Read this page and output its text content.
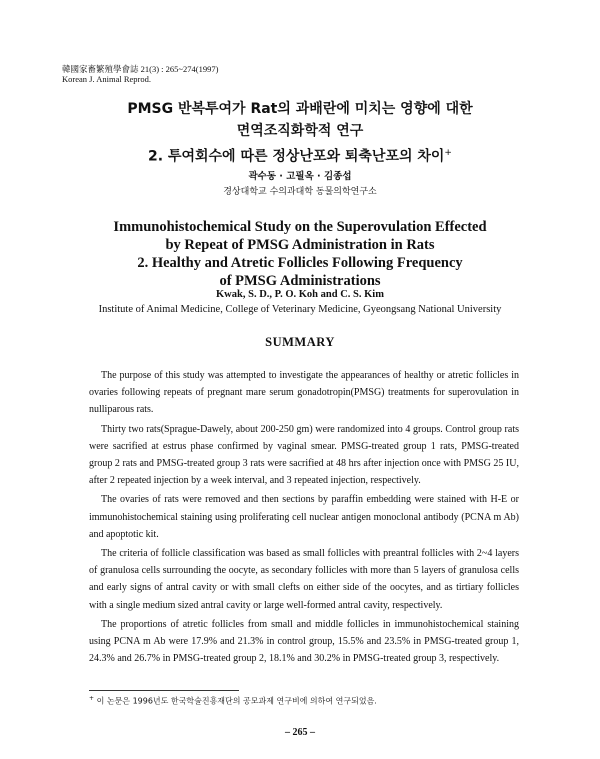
韓國家畜繁殖學會誌 21(3) : 265~274(1997)
Korean J. Animal Reprod.
PMSG 반복투여가 Rat의 과배란에 미치는 영향에 대한
면역조직화학적 연구
2. 투여회수에 따른 정상난포와 퇴축난포의 차이+
곽수동 · 고필옥 · 김종섭
경상대학교 수의과대학 동물의학연구소
Immunohistochemical Study on the Superovulation Effected
by Repeat of PMSG Administration in Rats
2. Healthy and Atretic Follicles Following Frequency
of PMSG Administrations
Kwak, S. D., P. O. Koh and C. S. Kim
Institute of Animal Medicine, College of Veterinary Medicine, Gyeongsang National University
SUMMARY

The purpose of this study was attempted to investigate the appearances of healthy or atretic follicles in ovaries following repeats of pregnant mare serum gonadotropin(PMSG) treatments for superovulation in nulliparous rats.

Thirty two rats(Sprague-Dawely, about 200-250 gm) were randomized into 4 groups. Control group rats were sacrified at estrus phase confirmed by vaginal smear. PMSG-treated group 1 rats, PMSG-treated group 2 rats and PMSG-treated group 3 rats were sacrified at 48 hrs after injection once with PMSG 25 IU, after 2 repeated injection by a week interval, and 3 repeated injection, respectively.

The ovaries of rats were removed and then sections by paraffin embedding were stained with H-E or immunohistochemical staining using proliferating cell nuclear antigen monoclonal antibody (PCNA m Ab) and apoptotic kit.

The criteria of follicle classification was based as small follicles with preantral follicles with 2~4 layers of granulosa cells surrounding the oocyte, as secondary follicles with more than 5 layers of granulosa cells and early signs of antral cavity or with small clefts on either side of the oocytes, and as tirtiary follicles with a single medium sized antral cavity or large well-formed antral cavity, respectively.

The proportions of atretic follicles from small and middle follicles in immunohistochemical staining using PCNA m Ab were 17.9% and 21.3% in control group, 15.5% and 23.5% in PMSG-treated group 1, 24.3% and 26.7% in PMSG-treated group 2, 18.1% and 30.2% in PMSG-treated group 3, respectively.

+ 이 논문은 1996년도 한국학술진흥재단의 공모과제 연구비에 의하여 연구되었음.
– 265 –
